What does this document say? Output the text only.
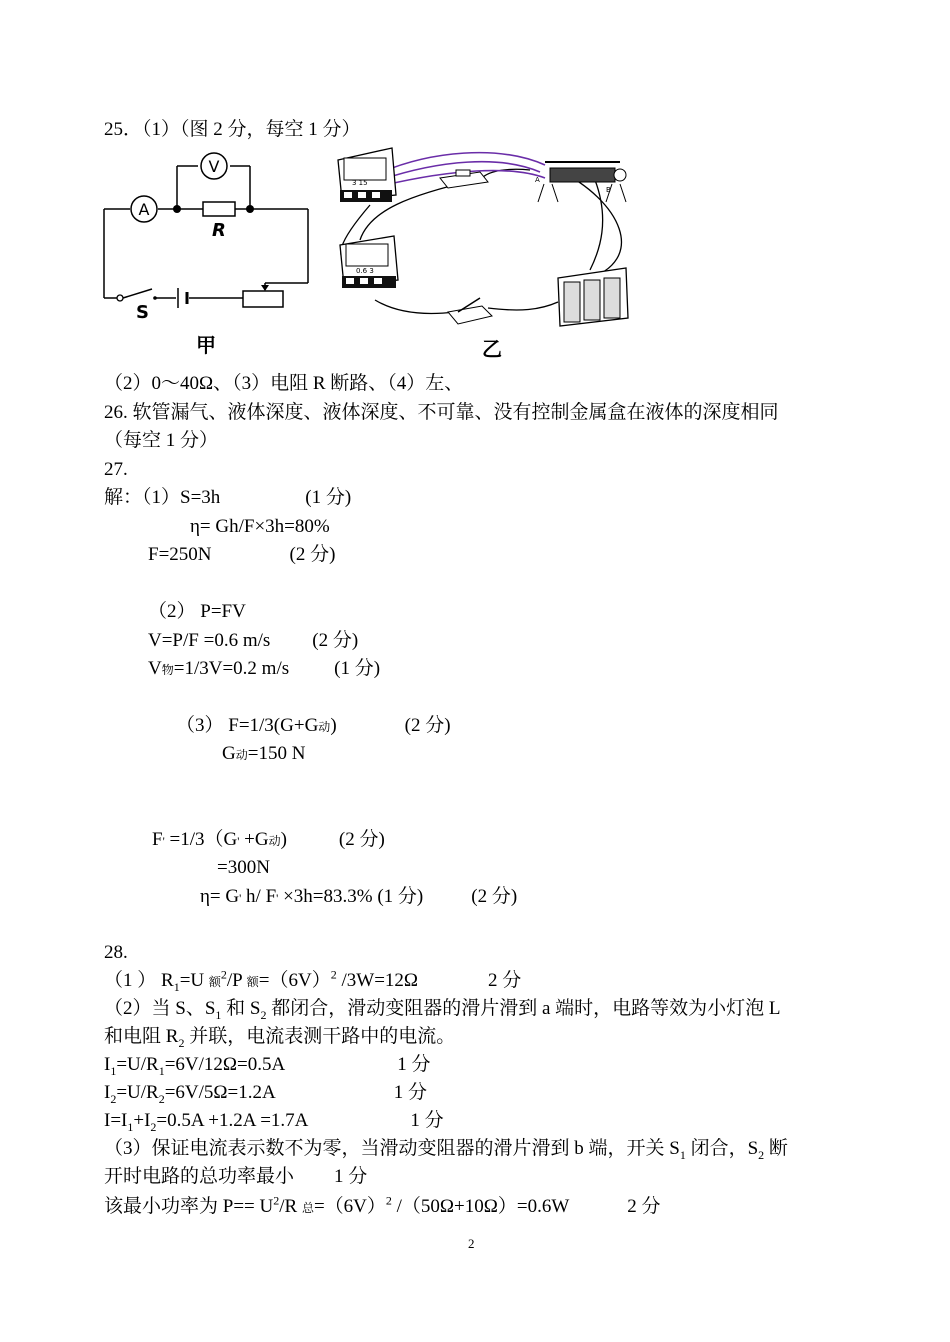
25．（1）（图 2 分，每空 1 分）
A
V
R
S
甲
3 15
0.6 3
A
B
乙
（2）0～40Ω、（3）电阻 R 断路、（4）左、
26. 软管漏气、液体深度、液体深度、不可靠、没有控制金属盒在液体的深度相同
（每空 1 分）
27.
解：（1）S=3h	(1 分)
η= Gh/F×3h=80%
F=250N	(2 分)
（2） P=FV
V=P/F =0.6 m/s (2 分)
V物=1/3V=0.2 m/s (1 分)
（3） F=1/3(G+G动)	(2 分)
G动=150 N
F' =1/3（G' +G动)	(2 分)
=300N
η= G' h/ F' ×3h=83.3% (1 分)	(2 分)
28.
（1 ） $R_1=U$ 额$^2$/P 额$=(6V)^2$ /3W=12Ω	2 分
（2）当 S、$S_1$ 和 $S_2$ 都闭合，滑动变阻器的滑片滑到 a 端时，电路等效为小灯泡 L
和电阻 $R_2$ 并联，电流表测干路中的电流。
$I_1=U/R_1=6V/12\Omega=0.5A$	1 分
$I_2=U/R_2=6V/5\Omega=1.2A$	1 分
$I=I_1+I_2=0.5A +1.2A =1.7A$	1 分
（3）保证电流表示数不为零，当滑动变阻器的滑片滑到 b 端，开关 $S_1$ 闭合，$S_2$ 断
开时电路的总功率最小 1 分
该最小功率为 $P== U^2/R$ 总$=(6V)^2$ /（50Ω+10Ω）=0.6W	2 分
2
